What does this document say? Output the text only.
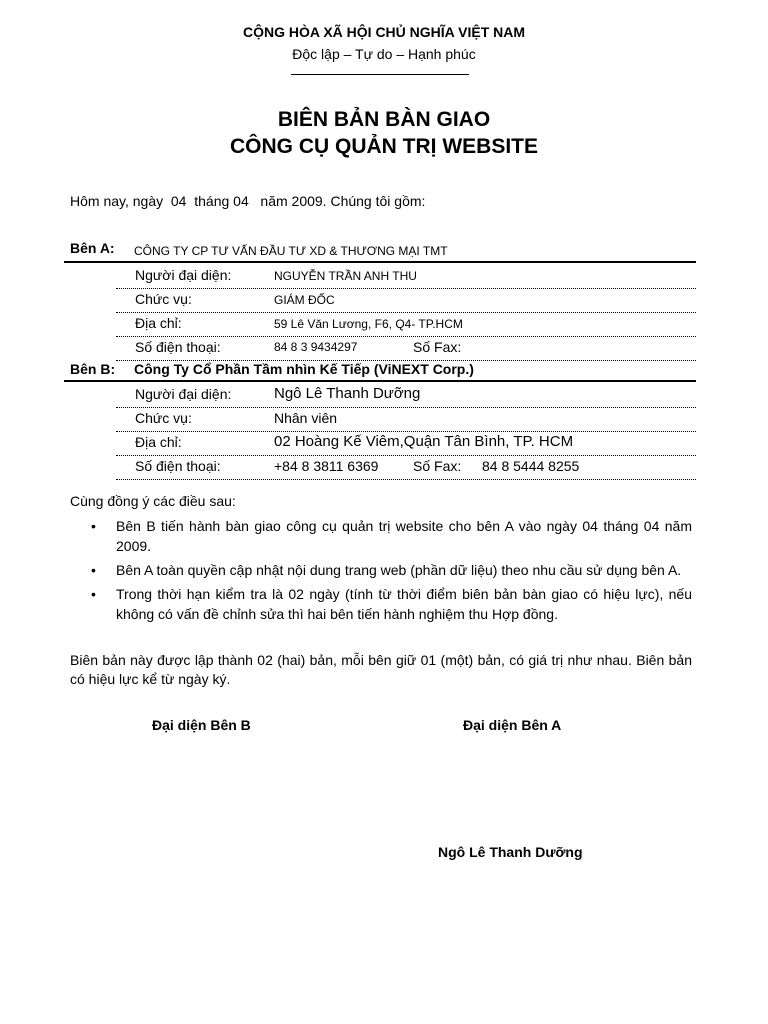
CỘNG HÒA XÃ HỘI CHỦ NGHĨA VIỆT NAM
Độc lập – Tự do – Hạnh phúc
BIÊN BẢN BÀN GIAO
CÔNG CỤ QUẢN TRỊ WEBSITE
Hôm nay, ngày  04  tháng 04   năm 2009. Chúng tôi gồm:
Bên A: CÔNG TY CP TƯ VẤN ĐẦU TƯ XD & THƯƠNG MẠI TMT
Người đại diện:	NGUYỄN TRẦN ANH THU
Chức vụ:	GIÁM ĐỐC
Địa chỉ:	59 Lê Văn Lương, F6, Q4- TP.HCM
Số điện thoại:	84 8 3 9434297	Số Fax:
Bên B: Công Ty Cổ Phần Tầm nhìn Kế Tiếp (ViNEXT Corp.)
Người đại diện:	Ngô Lê Thanh Dưỡng
Chức vụ:	Nhân viên
Địa chỉ:	02 Hoàng Kế Viêm,Quận Tân Bình, TP. HCM
Số điện thoại:	+84 8 3811 6369 Số Fax: 84 8 5444 8255
Cùng đồng ý các điều sau:
• Bên B tiến hành bàn giao công cụ quản trị website cho bên A vào ngày 04 tháng 04 năm 2009.
• Bên A toàn quyền cập nhật nội dung trang web (phần dữ liệu) theo nhu cầu sử dụng bên A.
• Trong thời hạn kiểm tra là 02 ngày (tính từ thời điểm biên bản bàn giao có hiệu lực), nếu không có vấn đề chỉnh sửa thì hai bên tiến hành nghiệm thu Hợp đồng.
Biên bản này được lập thành 02 (hai) bản, mỗi bên giữ 01 (một) bản, có giá trị như nhau. Biên bản có hiệu lực kể từ ngày ký.
Đại diện Bên B	Đại diện Bên A
Ngô Lê Thanh Dưỡng
